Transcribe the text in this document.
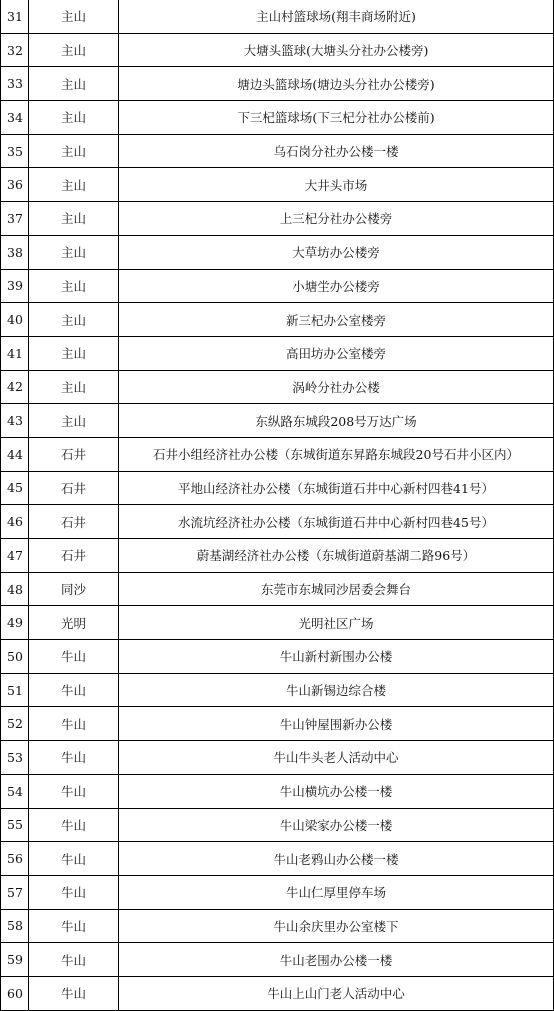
31	主山	主山村篮球场(翔丰商场附近)
32	主山	大塘头篮球(大塘头分社办公楼旁)
33	主山	塘边头篮球场(塘边头分社办公楼旁)
34	主山	下三杞篮球场(下三杞分社办公楼前)
35	主山	乌石岗分社办公楼一楼
36	主山	大井头市场
37	主山	上三杞分社办公楼旁
38	主山	大草坊办公楼旁
39	主山	小塘坣办公楼旁
40	主山	新三杞办公室楼旁
41	主山	高田坊办公室楼旁
42	主山	涡岭分社办公楼
43	主山	东纵路东城段208号万达广场
44	石井	石井小组经济社办公楼（东城街道东昇路东城段20号石井小区内）
45	石井	平地山经济社办公楼（东城街道石井中心新村四巷41号）
46	石井	水流坑经济社办公楼（东城街道石井中心新村四巷45号）
47	石井	蔚基湖经济社办公楼（东城街道蔚基湖二路96号）
48	同沙	东莞市东城同沙居委会舞台
49	光明	光明社区广场
50	牛山	牛山新村新围办公楼
51	牛山	牛山新锡边综合楼
52	牛山	牛山钟屋围新办公楼
53	牛山	牛山牛头老人活动中心
54	牛山	牛山横坑办公楼一楼
55	牛山	牛山梁家办公楼一楼
56	牛山	牛山老鸦山办公楼一楼
57	牛山	牛山仁厚里停车场
58	牛山	牛山余庆里办公室楼下
59	牛山	牛山老围办公楼一楼
60	牛山	牛山上山门老人活动中心
